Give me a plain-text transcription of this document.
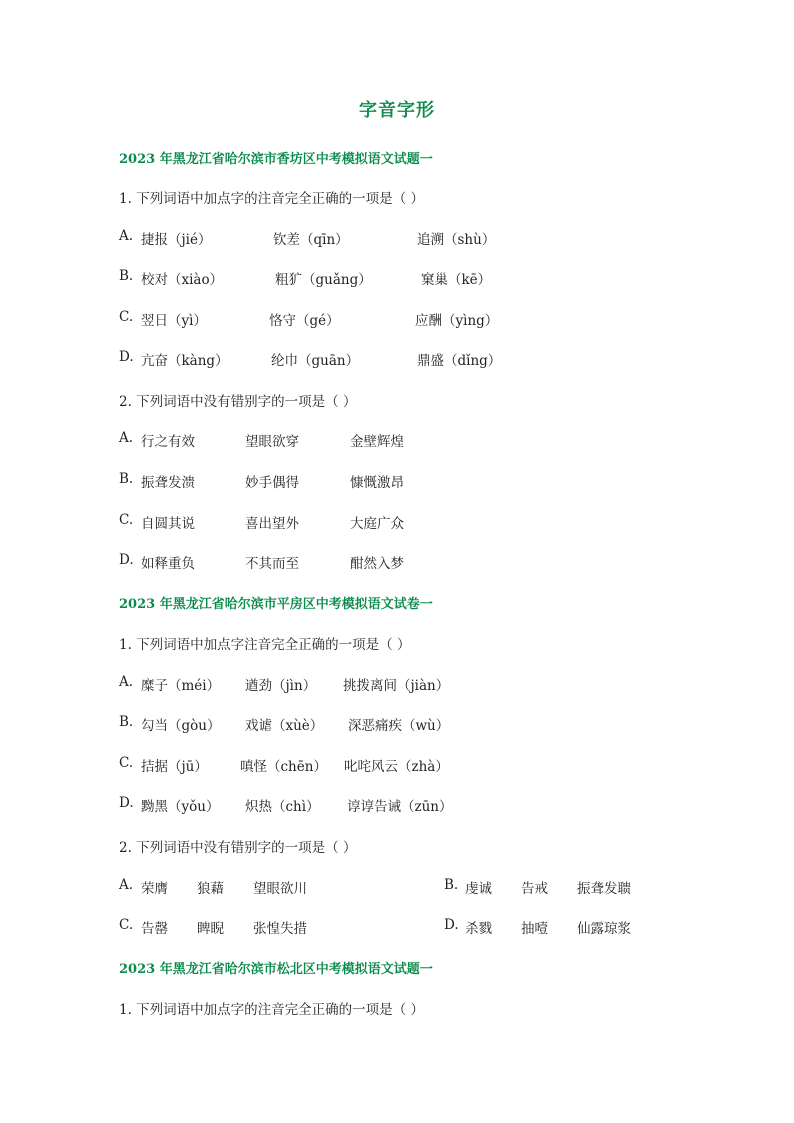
字音字形
2023 年黑龙江省哈尔滨市香坊区中考模拟语文试题一
1. 下列词语中加点字的注音完全正确的一项是（ ）
A. 捷报（jié）	钦差（qīn）	追溯（shù）
B. 校对（xiào）	粗犷（guǎng）	窠巢（kē）
C. 翌日（yì）	恪守（gé）	应酬（yìng）
D. 亢奋（kàng）	纶巾（guān）	鼎盛（dǐng）
2. 下列词语中没有错别字的一项是（ ）
A. 行之有效	望眼欲穿	金壁辉煌
B. 振聋发溃	妙手偶得	慷慨激昂
C. 自圆其说	喜出望外	大庭广众
D. 如释重负	不其而至	酣然入梦
2023 年黑龙江省哈尔滨市平房区中考模拟语文试卷一
1. 下列词语中加点字注音完全正确的一项是（ ）
A. 糜子（méi） 遒劲（jìn） 挑拨离间（jiàn）
B. 勾当（gòu） 戏谑（xùè） 深恶痛疾（wù）
C. 拮据（jū） 嗔怪（chēn） 叱咤风云（zhà）
D. 黝黑（yǒu） 炽热（chì） 谆谆告诫（zūn）
2. 下列词语中没有错别字的一项是（ ）
A. 荣膺 狼藉 望眼欲川	B. 虔诚 告戒 振聋发聩
C. 告罄 睥睨 张惶失措	D. 杀戮 抽噎 仙露琼浆
2023 年黑龙江省哈尔滨市松北区中考模拟语文试题一
1. 下列词语中加点字的注音完全正确的一项是（ ）
